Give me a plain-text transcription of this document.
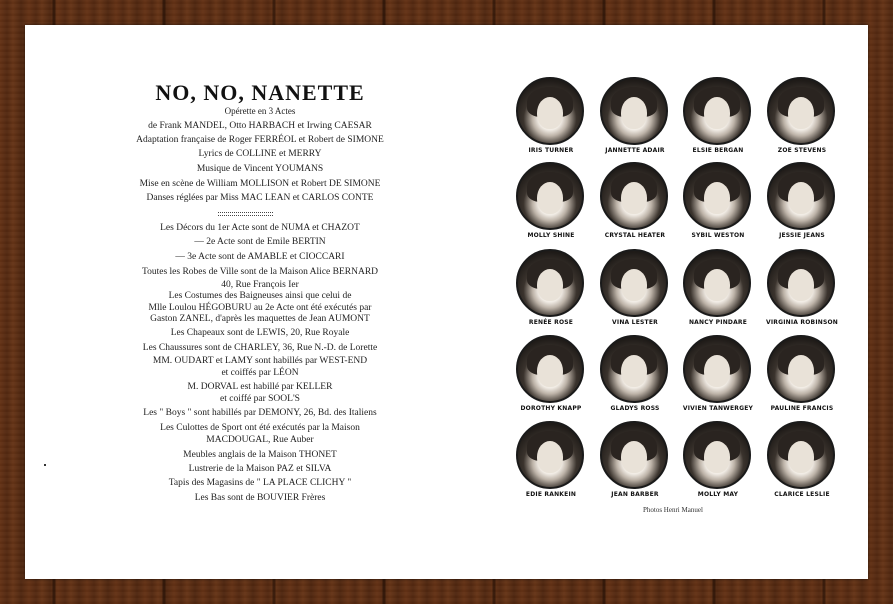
NO, NO, NANETTE
Opérette en 3 Actes
de Frank MANDEL, Otto HARBACH et Irwing CAESAR
Adaptation française de Roger FERRÉOL et Robert de SIMONE
Lyrics de COLLINE et MERRY
Musique de Vincent YOUMANS
Mise en scène de William MOLLISON et Robert DE SIMONE
Danses réglées par Miss MAC LEAN et CARLOS CONTE
Les Décors du 1er Acte sont de NUMA et CHAZOT
— 2e Acte sont de Emile BERTIN
— 3e Acte sont de AMABLE et CIOCCARI
Toutes les Robes de Ville sont de la Maison Alice BERNARD
40, Rue François Ier
Les Costumes des Baigneuses ainsi que celui de
Mlle Loulou HÉGOBURU au 2e Acte ont été exécutés par
Gaston ZANEL, d'après les maquettes de Jean AUMONT
Les Chapeaux sont de LEWIS, 20, Rue Royale
Les Chaussures sont de CHARLEY, 36, Rue N.-D. de Lorette
MM. OUDART et LAMY sont habillés par WEST-END
et coiffés par LÉON
M. DORVAL est habillé par KELLER
et coiffé par SOOL'S
Les " Boys " sont habillés par DEMONY, 26, Bd. des Italiens
Les Culottes de Sport ont été exécutés par la Maison
MACDOUGAL, Rue Auber
Meubles anglais de la Maison THONET
Lustrerie de la Maison PAZ et SILVA
Tapis des Magasins de " LA PLACE CLICHY "
Les Bas sont de BOUVIER Frères
IRIS TURNER	JANNETTE ADAIR	ELSIE BERGAN	ZOE STEVENS
MOLLY SHINE	CRYSTAL HEATER	SYBIL WESTON	JESSIE JEANS
RENÉE ROSE	VINA LESTER	NANCY PINDARE	VIRGINIA ROBINSON
DOROTHY KNAPP	GLADYS ROSS	VIVIEN TANWERGEY	PAULINE FRANCIS
EDIE RANKEIN	JEAN BARBER	MOLLY MAY	CLARICE LESLIE
Photos Henri Manuel
